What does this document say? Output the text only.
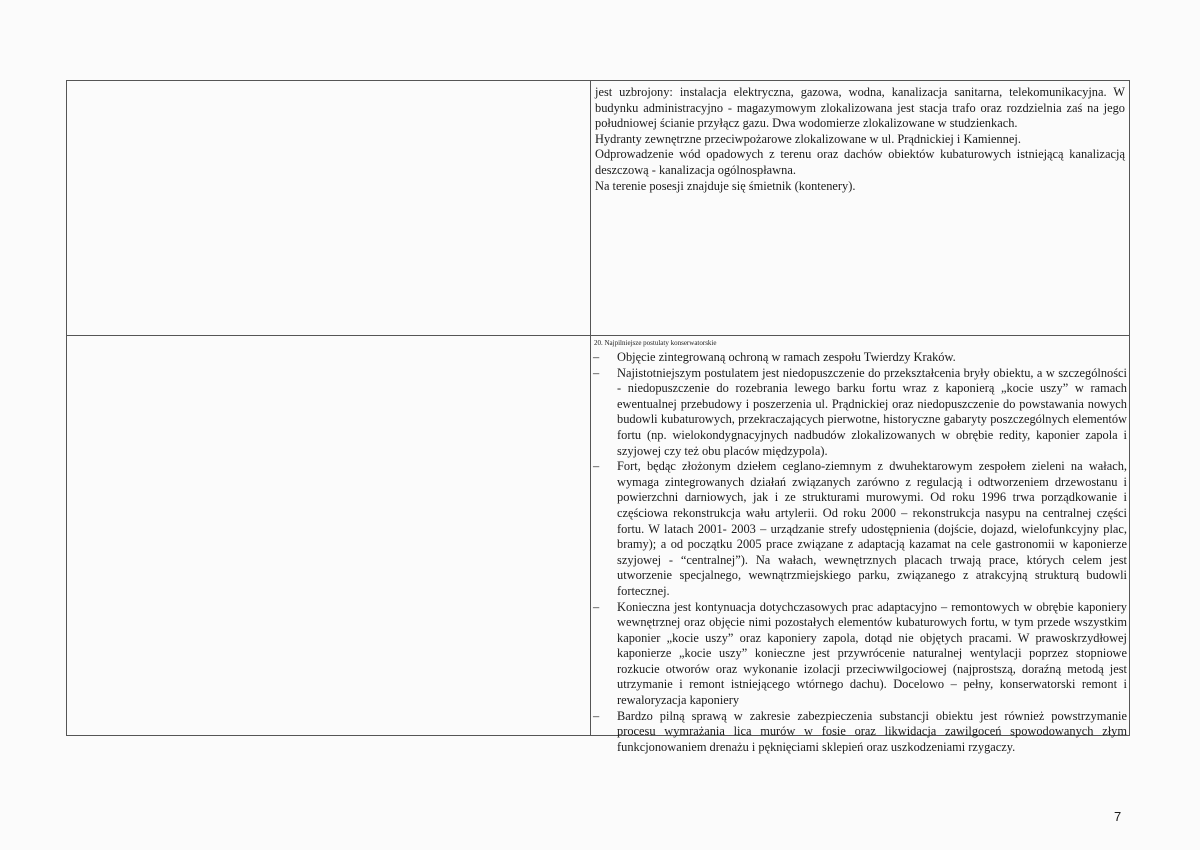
jest uzbrojony: instalacja elektryczna, gazowa, wodna, kanalizacja sanitarna, telekomunikacyjna. W budynku administracyjno - magazymowym zlokalizowana jest stacja trafo oraz rozdzielnia zaś na jego południowej ścianie przyłącz gazu. Dwa wodomierze zlokalizowane w studzienkach.

Hydranty zewnętrzne przeciwpożarowe zlokalizowane w ul. Prądnickiej i Kamiennej.

Odprowadzenie wód opadowych z terenu oraz dachów obiektów kubaturowych istniejącą kanalizacją deszczową - kanalizacja ogólnospławna.

Na terenie posesji znajduje się śmietnik (kontenery).

20. Najpilniejsze postulaty konserwatorskie
– Objęcie zintegrowaną ochroną w ramach zespołu Twierdzy Kraków.
– Najistotniejszym postulatem jest niedopuszczenie do przekształcenia bryły obiektu, a w szczególności - niedopuszczenie do rozebrania lewego barku fortu wraz z kaponierą „kocie uszy” w ramach ewentualnej przebudowy i poszerzenia ul. Prądnickiej oraz niedopuszczenie do powstawania nowych budowli kubaturowych, przekraczających pierwotne, historyczne gabaryty poszczególnych elementów fortu (np. wielokondygnacyjnych nadbudów zlokalizowanych w obrębie redity, kaponier zapola i szyjowej czy też obu placów międzypola).
– Fort, będąc złożonym dziełem ceglano-ziemnym z dwuhektarowym zespołem zieleni na wałach, wymaga zintegrowanych działań związanych zarówno z regulacją i odtworzeniem drzewostanu i powierzchni darniowych, jak i ze strukturami murowymi. Od roku 1996 trwa porządkowanie i częściowa rekonstrukcja wału artylerii. Od roku 2000 – rekonstrukcja nasypu na centralnej części fortu. W latach 2001- 2003 – urządzanie strefy udostępnienia (dojście, dojazd, wielofunkcyjny plac, bramy); a od początku 2005 prace związane z adaptacją kazamat na cele gastronomii w kaponierze szyjowej - “centralnej”). Na wałach, wewnętrznych placach trwają prace, których celem jest utworzenie specjalnego, wewnątrzmiejskiego parku, związanego z atrakcyjną strukturą budowli fortecznej.
– Konieczna jest kontynuacja dotychczasowych prac adaptacyjno – remontowych w obrębie kaponiery wewnętrznej oraz objęcie nimi pozostałych elementów kubaturowych fortu, w tym przede wszystkim kaponier „kocie uszy” oraz kaponiery zapola, dotąd nie objętych pracami. W prawoskrzydłowej kaponierze „kocie uszy” konieczne jest przywrócenie naturalnej wentylacji poprzez stopniowe rozkucie otworów oraz wykonanie izolacji przeciwwilgociowej (najprostszą, doraźną metodą jest utrzymanie i remont istniejącego wtórnego dachu). Docelowo – pełny, konserwatorski remont i rewaloryzacja kaponiery
– Bardzo pilną sprawą w zakresie zabezpieczenia substancji obiektu jest również powstrzymanie procesu wymrażania lica murów w fosie oraz likwidacja zawilgoceń spowodowanych złym funkcjonowaniem drenażu i pęknięciami sklepień oraz uszkodzeniami rzygaczy.
7
